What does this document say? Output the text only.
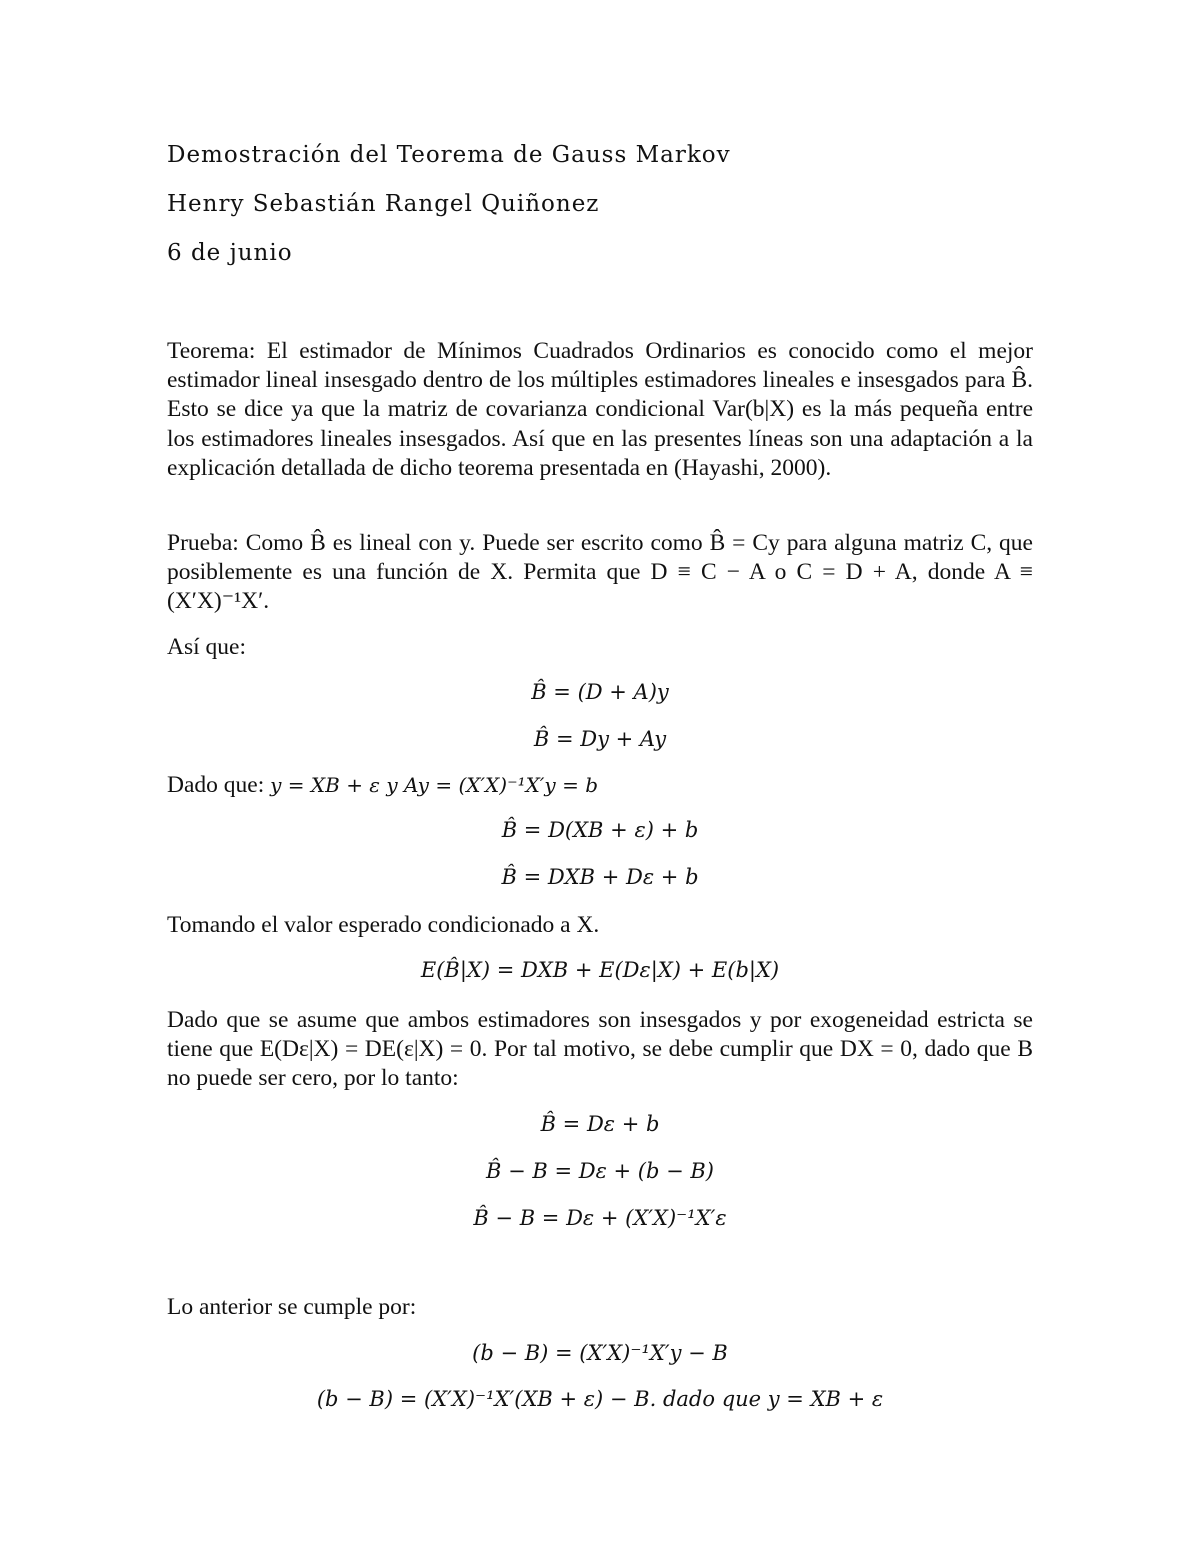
Demostración del Teorema de Gauss Markov
Henry Sebastián Rangel Quiñonez
6 de junio
Teorema: El estimador de Mínimos Cuadrados Ordinarios es conocido como el mejor estimador lineal insesgado dentro de los múltiples estimadores lineales e insesgados para B̂. Esto se dice ya que la matriz de covarianza condicional Var(b|X) es la más pequeña entre los estimadores lineales insesgados. Así que en las presentes líneas son una adaptación a la explicación detallada de dicho teorema presentada en (Hayashi, 2000).
Prueba: Como B̂ es lineal con y. Puede ser escrito como B̂ = Cy para alguna matriz C, que posiblemente es una función de X. Permita que D ≡ C − A o C = D + A, donde A ≡ (X′X)⁻¹X′.
Así que:
B̂ = (D + A)y
B̂ = Dy + Ay
Dado que: y = XB + ε y Ay = (X′X)⁻¹X′y = b
B̂ = D(XB + ε) + b
B̂ = DXB + Dε + b
Tomando el valor esperado condicionado a X.
E(B̂|X) = DXB + E(Dε|X) + E(b|X)
Dado que se asume que ambos estimadores son insesgados y por exogeneidad estricta se tiene que E(Dε|X) = DE(ε|X) = 0. Por tal motivo, se debe cumplir que DX = 0, dado que B no puede ser cero, por lo tanto:
B̂ = Dε + b
B̂ − B = Dε + (b − B)
B̂ − B = Dε + (X′X)⁻¹X′ε
Lo anterior se cumple por:
(b − B) = (X′X)⁻¹X′y − B
(b − B) = (X′X)⁻¹X′(XB + ε) − B. dado que y = XB + ε
